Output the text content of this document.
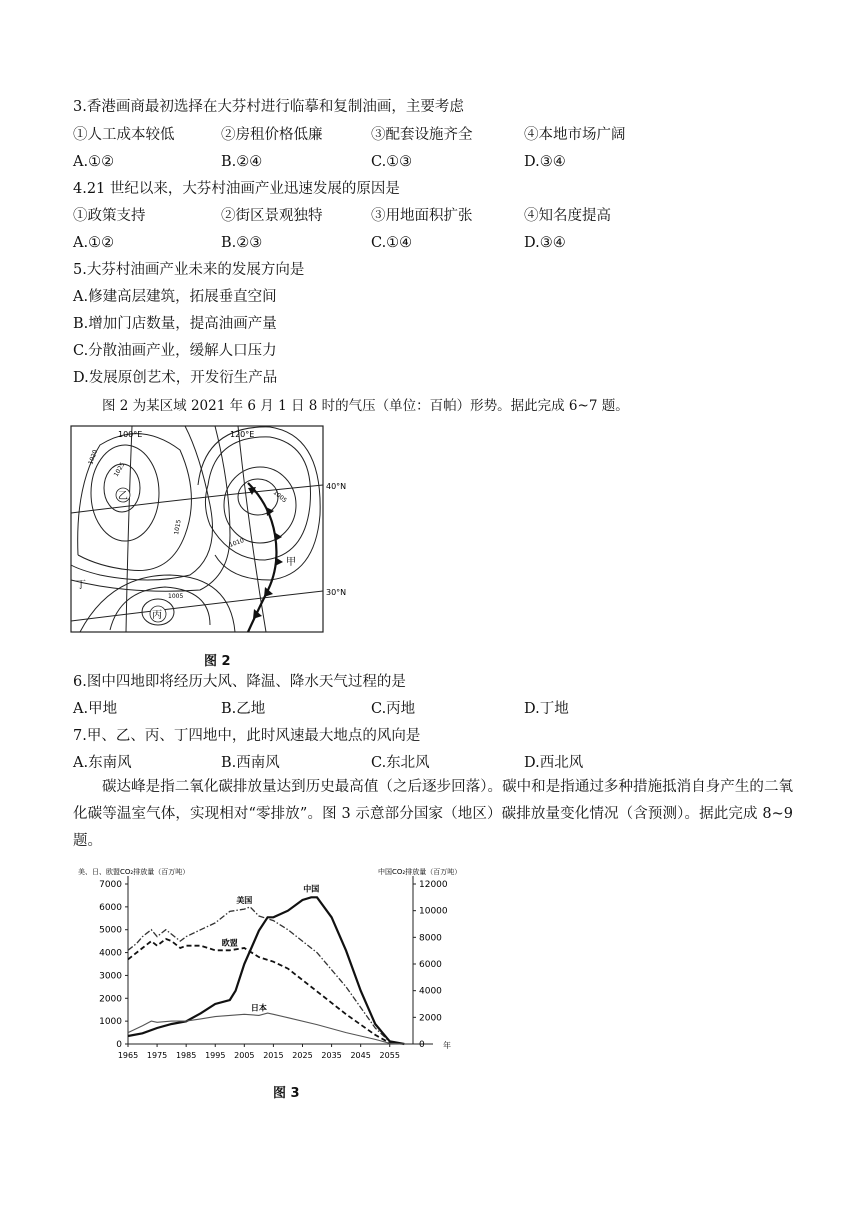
3.香港画商最初选择在大芬村进行临摹和复制油画，主要考虑
①人工成本较低	②房租价格低廉	③配套设施齐全	④本地市场广阔
A.①②	B.②④	C.①③	D.③④
4.21 世纪以来，大芬村油画产业迅速发展的原因是
①政策支持	②街区景观独特	③用地面积扩张	④知名度提高
A.①②	B.②③	C.①④	D.③④
5.大芬村油画产业未来的发展方向是
A.修建高层建筑，拓展垂直空间
B.增加门店数量，提高油画产量
C.分散油画产业，缓解人口压力
D.发展原创艺术，开发衍生产品
图 2 为某区域 2021 年 6 月 1 日 8 时的气压（单位：百帕）形势。据此完成 6~7 题。
100°E	120°E
40°N
30°N
1020
1025
1015
1010
1005
1005
乙
甲
丁
丙
图 2
6.图中四地即将经历大风、降温、降水天气过程的是
A.甲地	B.乙地	C.丙地	D.丁地
7.甲、乙、丙、丁四地中，此时风速最大地点的风向是
A.东南风	B.西南风	C.东北风	D.西北风

碳达峰是指二氧化碳排放量达到历史最高值（之后逐步回落）。碳中和是指通过多种措施抵消自身产生的二氧化碳等温室气体，实现相对“零排放”。图 3 示意部分国家（地区）碳排放量变化情况（含预测）。据此完成 8~9 题。

美、日、欧盟CO₂排放量（百万吨）	中国CO₂排放量（百万吨）
年
0
1000
2000
3000
4000
5000
6000
7000
0
2000
4000
6000
8000
10000
12000
1965 1975 1985 1995 2005 2015 2025 2035 2045 2055
美国
欧盟
中国
日本
图 3
